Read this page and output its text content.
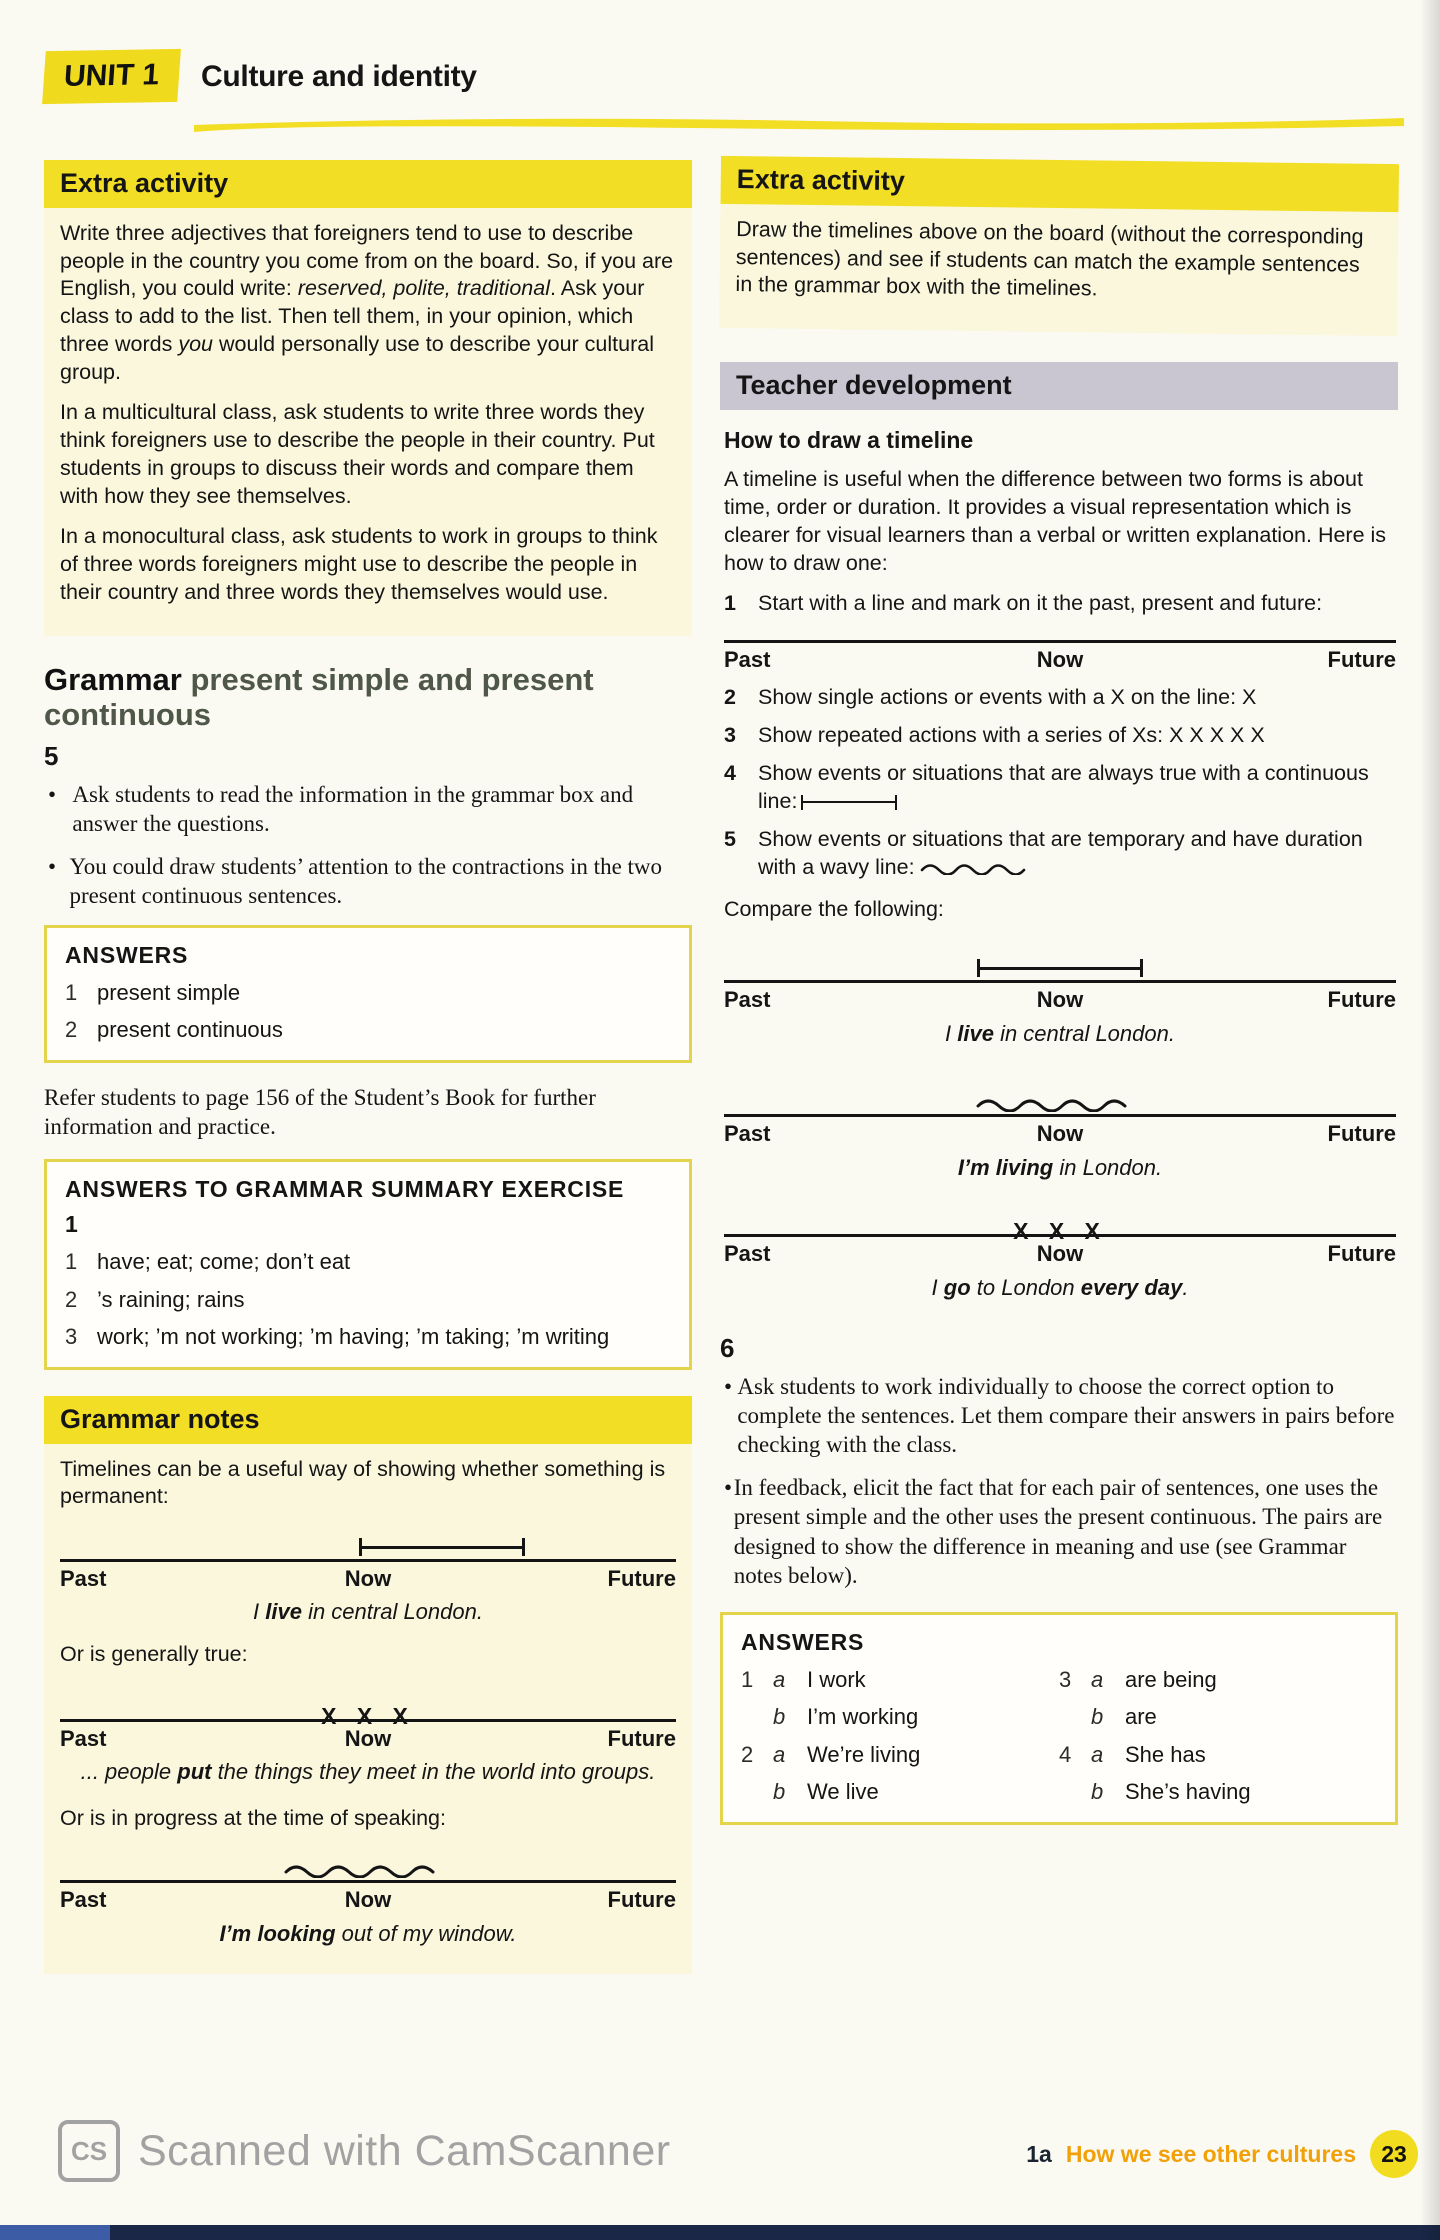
UNIT 1	Culture and identity
Extra activity

Write three adjectives that foreigners tend to use to describe people in the country you come from on the board. So, if you are English, you could write: reserved, polite, traditional. Ask your class to add to the list. Then tell them, in your opinion, which three words you would personally use to describe your cultural group.

In a multicultural class, ask students to write three words they think foreigners use to describe the people in their country. Put students in groups to discuss their words and compare them with how they see themselves.

In a monocultural class, ask students to work in groups to think of three words foreigners might use to describe the people in their country and three words they themselves would use.

Grammar present simple and present continuous
5
• Ask students to read the information in the grammar box and answer the questions.
• You could draw students’ attention to the contractions in the two present continuous sentences.
ANSWERS
1 present simple
2 present continuous
Refer students to page 156 of the Student’s Book for further information and practice.
ANSWERS TO GRAMMAR SUMMARY EXERCISE
1
1 have; eat; come; don’t eat
2 ’s raining; rains
3 work; ’m not working; ’m having; ’m taking; ’m writing
Grammar notes

Timelines can be a useful way of showing whether something is permanent:

Past	Now	Future
I live in central London.

Or is generally true:

X X X
Past	Now	Future
... people put the things they meet in the world into groups.

Or is in progress at the time of speaking:

Past	Now	Future
I’m looking out of my window.
Extra activity

Draw the timelines above on the board (without the corresponding sentences) and see if students can match the example sentences in the grammar box with the timelines.

Teacher development
How to draw a timeline
A timeline is useful when the difference between two forms is about time, order or duration. It provides a visual representation which is clearer for visual learners than a verbal or written explanation. Here is how to draw one:
1	Start with a line and mark on it the past, present and future:
Past	Now	Future
2	Show single actions or events with a X on the line: X
3	Show repeated actions with a series of Xs: X X X X X
4	Show events or situations that are always true with a continuous line:
5	Show events or situations that are temporary and have duration with a wavy line:
Compare the following:
Past	Now	Future
I live in central London.
Past	Now	Future
I’m living in London.
X X X
Past	Now	Future
I go to London every day.
6
• Ask students to work individually to choose the correct option to complete the sentences. Let them compare their answers in pairs before checking with the class.
• In feedback, elicit the fact that for each pair of sentences, one uses the present simple and the other uses the present continuous. The pairs are designed to show the difference in meaning and use (see Grammar notes below).
ANSWERS
1 a I work
b I’m working
2 a We’re living
b We live
3 a are being
b are
4 a She has
b She’s having
CS Scanned with CamScanner	1a How we see other cultures	23
